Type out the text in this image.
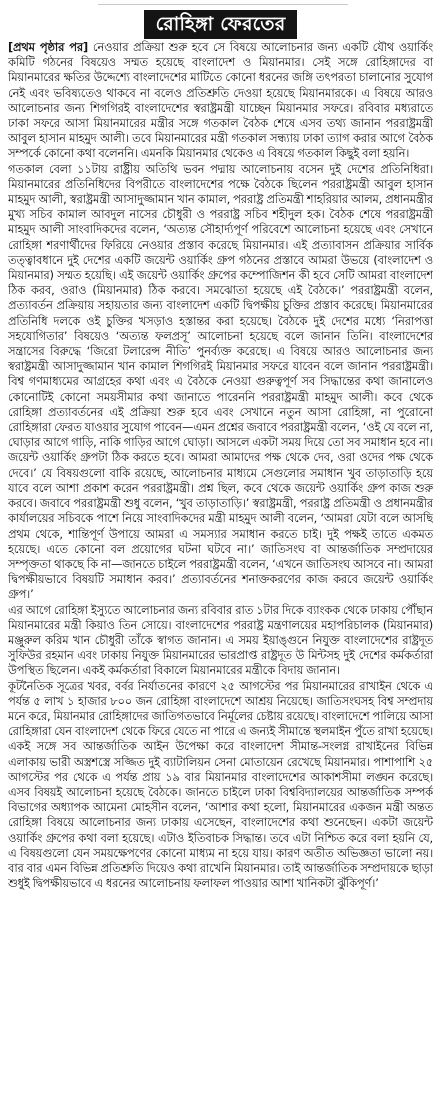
রোহিঙ্গা ফেরতের

[প্রথম পৃষ্ঠার পর] নেওয়ার প্রক্রিয়া শুরু হবে সে বিষয়ে আলোচনার জন্য একটি যৌথ ওয়ার্কিং কমিটি গঠনের বিষয়েও সম্মত হয়েছে বাংলাদেশ ও মিয়ানমার। সেই সঙ্গে রোহিঙ্গাদের বা মিয়ানমারের ক্ষতির উদ্দেশ্যে বাংলাদেশের মাটিতে কোনো ধরনের জঙ্গি তৎপরতা চালানোর সুযোগ নেই এবং ভবিষ্যতেও থাকবে না বলেও প্রতিশ্রুতি দেওয়া হয়েছে মিয়ানমারকে। এ বিষয়ে আরও আলোচনার জন্য শিগগিরই বাংলাদেশের স্বরাষ্ট্রমন্ত্রী যাচ্ছেন মিয়ানমার সফরে। রবিবার মধ্যরাতে ঢাকা সফরে আসা মিয়ানমারের মন্ত্রীর সঙ্গে গতকাল বৈঠক শেষে এসব তথ্য জানান পররাষ্ট্রমন্ত্রী আবুল হাসান মাহমুদ আলী। তবে মিয়ানমারের মন্ত্রী গতকাল সন্ধ্যায় ঢাকা ত্যাগ করার আগে বৈঠক সম্পর্কে কোনো কথা বলেননি। এমনকি মিয়ানমার থেকেও এ বিষয়ে গতকাল কিছুই বলা হয়নি।

গতকাল বেলা ১১টায় রাষ্ট্রীয় অতিথি ভবন পদ্মায় আলোচনায় বসেন দুই দেশের প্রতিনিধিরা। মিয়ানমারের প্রতিনিধিদের বিপরীতে বাংলাদেশের পক্ষে বৈঠকে ছিলেন পররাষ্ট্রমন্ত্রী আবুল হাসান মাহমুদ আলী, স্বরাষ্ট্রমন্ত্রী আসাদুজ্জামান খান কামাল, পররাষ্ট্র প্রতিমন্ত্রী শাহরিয়ার আলম, প্রধানমন্ত্রীর মুখ্য সচিব কামাল আবদুল নাসের চৌধুরী ও পররাষ্ট্র সচিব শহীদুল হক। বৈঠক শেষে পররাষ্ট্রমন্ত্রী মাহমুদ আলী সাংবাদিকদের বলেন, ‘অত্যন্ত সৌহার্দ্যপূর্ণ পরিবেশে আলোচনা হয়েছে এবং সেখানে রোহিঙ্গা শরণার্থীদের ফিরিয়ে নেওয়ার প্রস্তাব করেছে মিয়ানমার। এই প্রত্যাবাসন প্রক্রিয়ার সার্বিক তত্ত্বাবধানে দুই দেশের একটি জয়েন্ট ওয়ার্কিং গ্রুপ গঠনের প্রস্তাবে আমরা উভয়ে (বাংলাদেশ ও মিয়ানমার) সম্মত হয়েছি। এই জয়েন্ট ওয়ার্কিং গ্রুপের কম্পোজিশন কী হবে সেটি আমরা বাংলাদেশ ঠিক করব, ওরাও (মিয়ানমার) ঠিক করবে। সমঝোতা হয়েছে এই বৈঠকে।’ পররাষ্ট্রমন্ত্রী বলেন, প্রত্যাবর্তন প্রক্রিয়ায় সহায়তার জন্য বাংলাদেশ একটি দ্বিপক্ষীয় চুক্তির প্রস্তাব করেছে। মিয়ানমারের প্রতিনিধি দলকে ওই চুক্তির খসড়াও হস্তান্তর করা হয়েছে। বৈঠকে দুই দেশের মধ্যে ‘নিরাপত্তা সহযোগিতার’ বিষয়েও ‘অত্যন্ত ফলপ্রসূ’ আলোচনা হয়েছে বলে জানান তিনি। বাংলাদেশের সন্ত্রাসের বিরুদ্ধে ‘জিরো টলারেন্স নীতি’ পুনর্ব্যক্ত করেছে। এ বিষয়ে আরও আলোচনার জন্য স্বরাষ্ট্রমন্ত্রী আসাদুজ্জামান খান কামাল শিগগিরই মিয়ানমার সফরে যাবেন বলে জানান পররাষ্ট্রমন্ত্রী। বিশ্ব গণমাধ্যমের আগ্রহের কথা এবং এ বৈঠকে নেওয়া গুরুত্বপূর্ণ সব সিদ্ধান্তের কথা জানালেও কোনোটিই কোনো সময়সীমার কথা জানাতে পারেননি পররাষ্ট্রমন্ত্রী মাহমুদ আলী। কবে থেকে রোহিঙ্গা প্রত্যাবর্তনের এই প্রক্রিয়া শুরু হবে এবং সেখানে নতুন আসা রোহিঙ্গা, না পুরোনো রোহিঙ্গারা ফেরত যাওয়ার সুযোগ পাবেন—এমন প্রশ্নের জবাবে পররাষ্ট্রমন্ত্রী বলেন, ‘ওই যে বলে না, ঘোড়ার আগে গাড়ি, নাকি গাড়ির আগে ঘোড়া। আসলে একটা সময় দিয়ে তো সব সমাধান হবে না। জয়েন্ট ওয়ার্কিং গ্রুপটা ঠিক করতে হবে। আমরা আমাদের পক্ষ থেকে দেব, ওরা ওদের পক্ষ থেকে দেবে।’ যে বিষয়গুলো বাকি রয়েছে, আলোচনার মাধ্যমে সেগুলোর সমাধান খুব তাড়াতাড়ি হয়ে যাবে বলে আশা প্রকাশ করেন পররাষ্ট্রমন্ত্রী। প্রশ্ন ছিল, কবে থেকে জয়েন্ট ওয়ার্কিং গ্রুপ কাজ শুরু করবে। জবাবে পররাষ্ট্রমন্ত্রী শুধু বলেন, ‘খুব তাড়াতাড়ি।’ স্বরাষ্ট্রমন্ত্রী, পররাষ্ট্র প্রতিমন্ত্রী ও প্রধানমন্ত্রীর কার্যালয়ের সচিবকে পাশে নিয়ে সাংবাদিকদের মন্ত্রী মাহমুদ আলী বলেন, ‘আমরা যেটা বলে আসছি প্রথম থেকে, শান্তিপূর্ণ উপায়ে আমরা এ সমস্যার সমাধান করতে চাই। দুই পক্ষই তাতে একমত হয়েছে। এতে কোনো বল প্রয়োগের ঘটনা ঘটবে না।’ জাতিসংঘ বা আন্তর্জাতিক সম্প্রদায়ের সম্পৃক্ততা থাকছে কি না—জানতে চাইলে পররাষ্ট্রমন্ত্রী বলেন, ‘এখনে জাতিসংঘ আসবে না। আমরা দ্বিপক্ষীয়ভাবে বিষয়টি সমাধান করব।’ প্রত্যাবর্তনের শনাক্তকরণের কাজ করবে জয়েন্ট ওয়ার্কিং গ্রুপ।’

এর আগে রোহিঙ্গা ইস্যুতে আলোচনার জন্য রবিবার রাত ১টার দিকে ব্যাংকক থেকে ঢাকায় পৌঁছান মিয়ানমারের মন্ত্রী কিয়াও তিন সোয়ে। বাংলাদেশের পররাষ্ট্র মন্ত্রণালয়ের মহাপরিচালক (মিয়ানমার) মঞ্জুরুল করিম খান চৌধুরী তাঁকে স্বাগত জানান। এ সময় ইয়াঙ্গুনে নিযুক্ত বাংলাদেশের রাষ্ট্রদূত সুফিউর রহমান এবং ঢাকায় নিযুক্ত মিয়ানমারের ভারপ্রাপ্ত রাষ্ট্রদূত উ মিন্টসহ দুই দেশের কর্মকর্তারা উপস্থিত ছিলেন। একই কর্মকর্তারা বিকালে মিয়ানমারের মন্ত্রীকে বিদায় জানান।

কূটনৈতিক সূত্রের খবর, বর্বর নির্যাতনের কারণে ২৫ আগস্টের পর মিয়ানমারের রাখাইন থেকে এ পর্যন্ত ৫ লাখ ১ হাজার ৮০০ জন রোহিঙ্গা বাংলাদেশে আশ্রয় নিয়েছে। জাতিসংঘসহ বিশ্ব সম্প্রদায় মনে করে, মিয়ানমার রোহিঙ্গাদের জাতিগতভাবে নির্মূলের চেষ্টায় রয়েছে। বাংলাদেশে পালিয়ে আসা রোহিঙ্গারা যেন বাংলাদেশ থেকে ফিরে যেতে না পারে এ জন্যই সীমান্তে স্থলমাইন পুঁতে রাখা হয়েছে। একই সঙ্গে সব আন্তর্জাতিক আইন উপেক্ষা করে বাংলাদেশ সীমান্ত-সংলগ্ন রাখাইনের বিভিন্ন এলাকায় ভারী অস্ত্রশস্ত্রে সজ্জিত দুই ব্যাটালিয়ন সেনা মোতায়েন রেখেছে মিয়ানমার। পাশাপাশি ২৫ আগস্টের পর থেকে এ পর্যন্ত প্রায় ১৯ বার মিয়ানমার বাংলাদেশের আকাশসীমা লঙ্ঘন করেছে। এসব বিষয়ই আলোচনা হয়েছে বৈঠকে। জানতে চাইলে ঢাকা বিশ্ববিদ্যালয়ের আন্তর্জাতিক সম্পর্ক বিভাগের অধ্যাপক আমেনা মোহসীন বলেন, ‘আশার কথা হলো, মিয়ানমারের একজন মন্ত্রী অন্তত রোহিঙ্গা বিষয়ে আলোচনার জন্য ঢাকায় এসেছেন, বাংলাদেশের কথা শুনেছেন। একটা জয়েন্ট ওয়ার্কিং গ্রুপের কথা বলা হয়েছে। এটাও ইতিবাচক সিদ্ধান্ত। তবে এটা নিশ্চিত করে বলা হয়নি যে, এ বিষয়গুলো যেন সময়ক্ষেপণের কোনো মাধ্যম না হয়ে যায়। কারণ অতীত অভিজ্ঞতা ভালো নয়। বার বার এমন বিভিন্ন প্রতিশ্রুতি দিয়েও কথা রাখেনি মিয়ানমার। তাই আন্তর্জাতিক সম্প্রদায়কে ছাড়া শুধুই দ্বিপক্ষীয়ভাবে এ ধরনের আলোচনায় ফলাফল পাওয়ার আশা খানিকটা ঝুঁকিপূর্ণ।’
